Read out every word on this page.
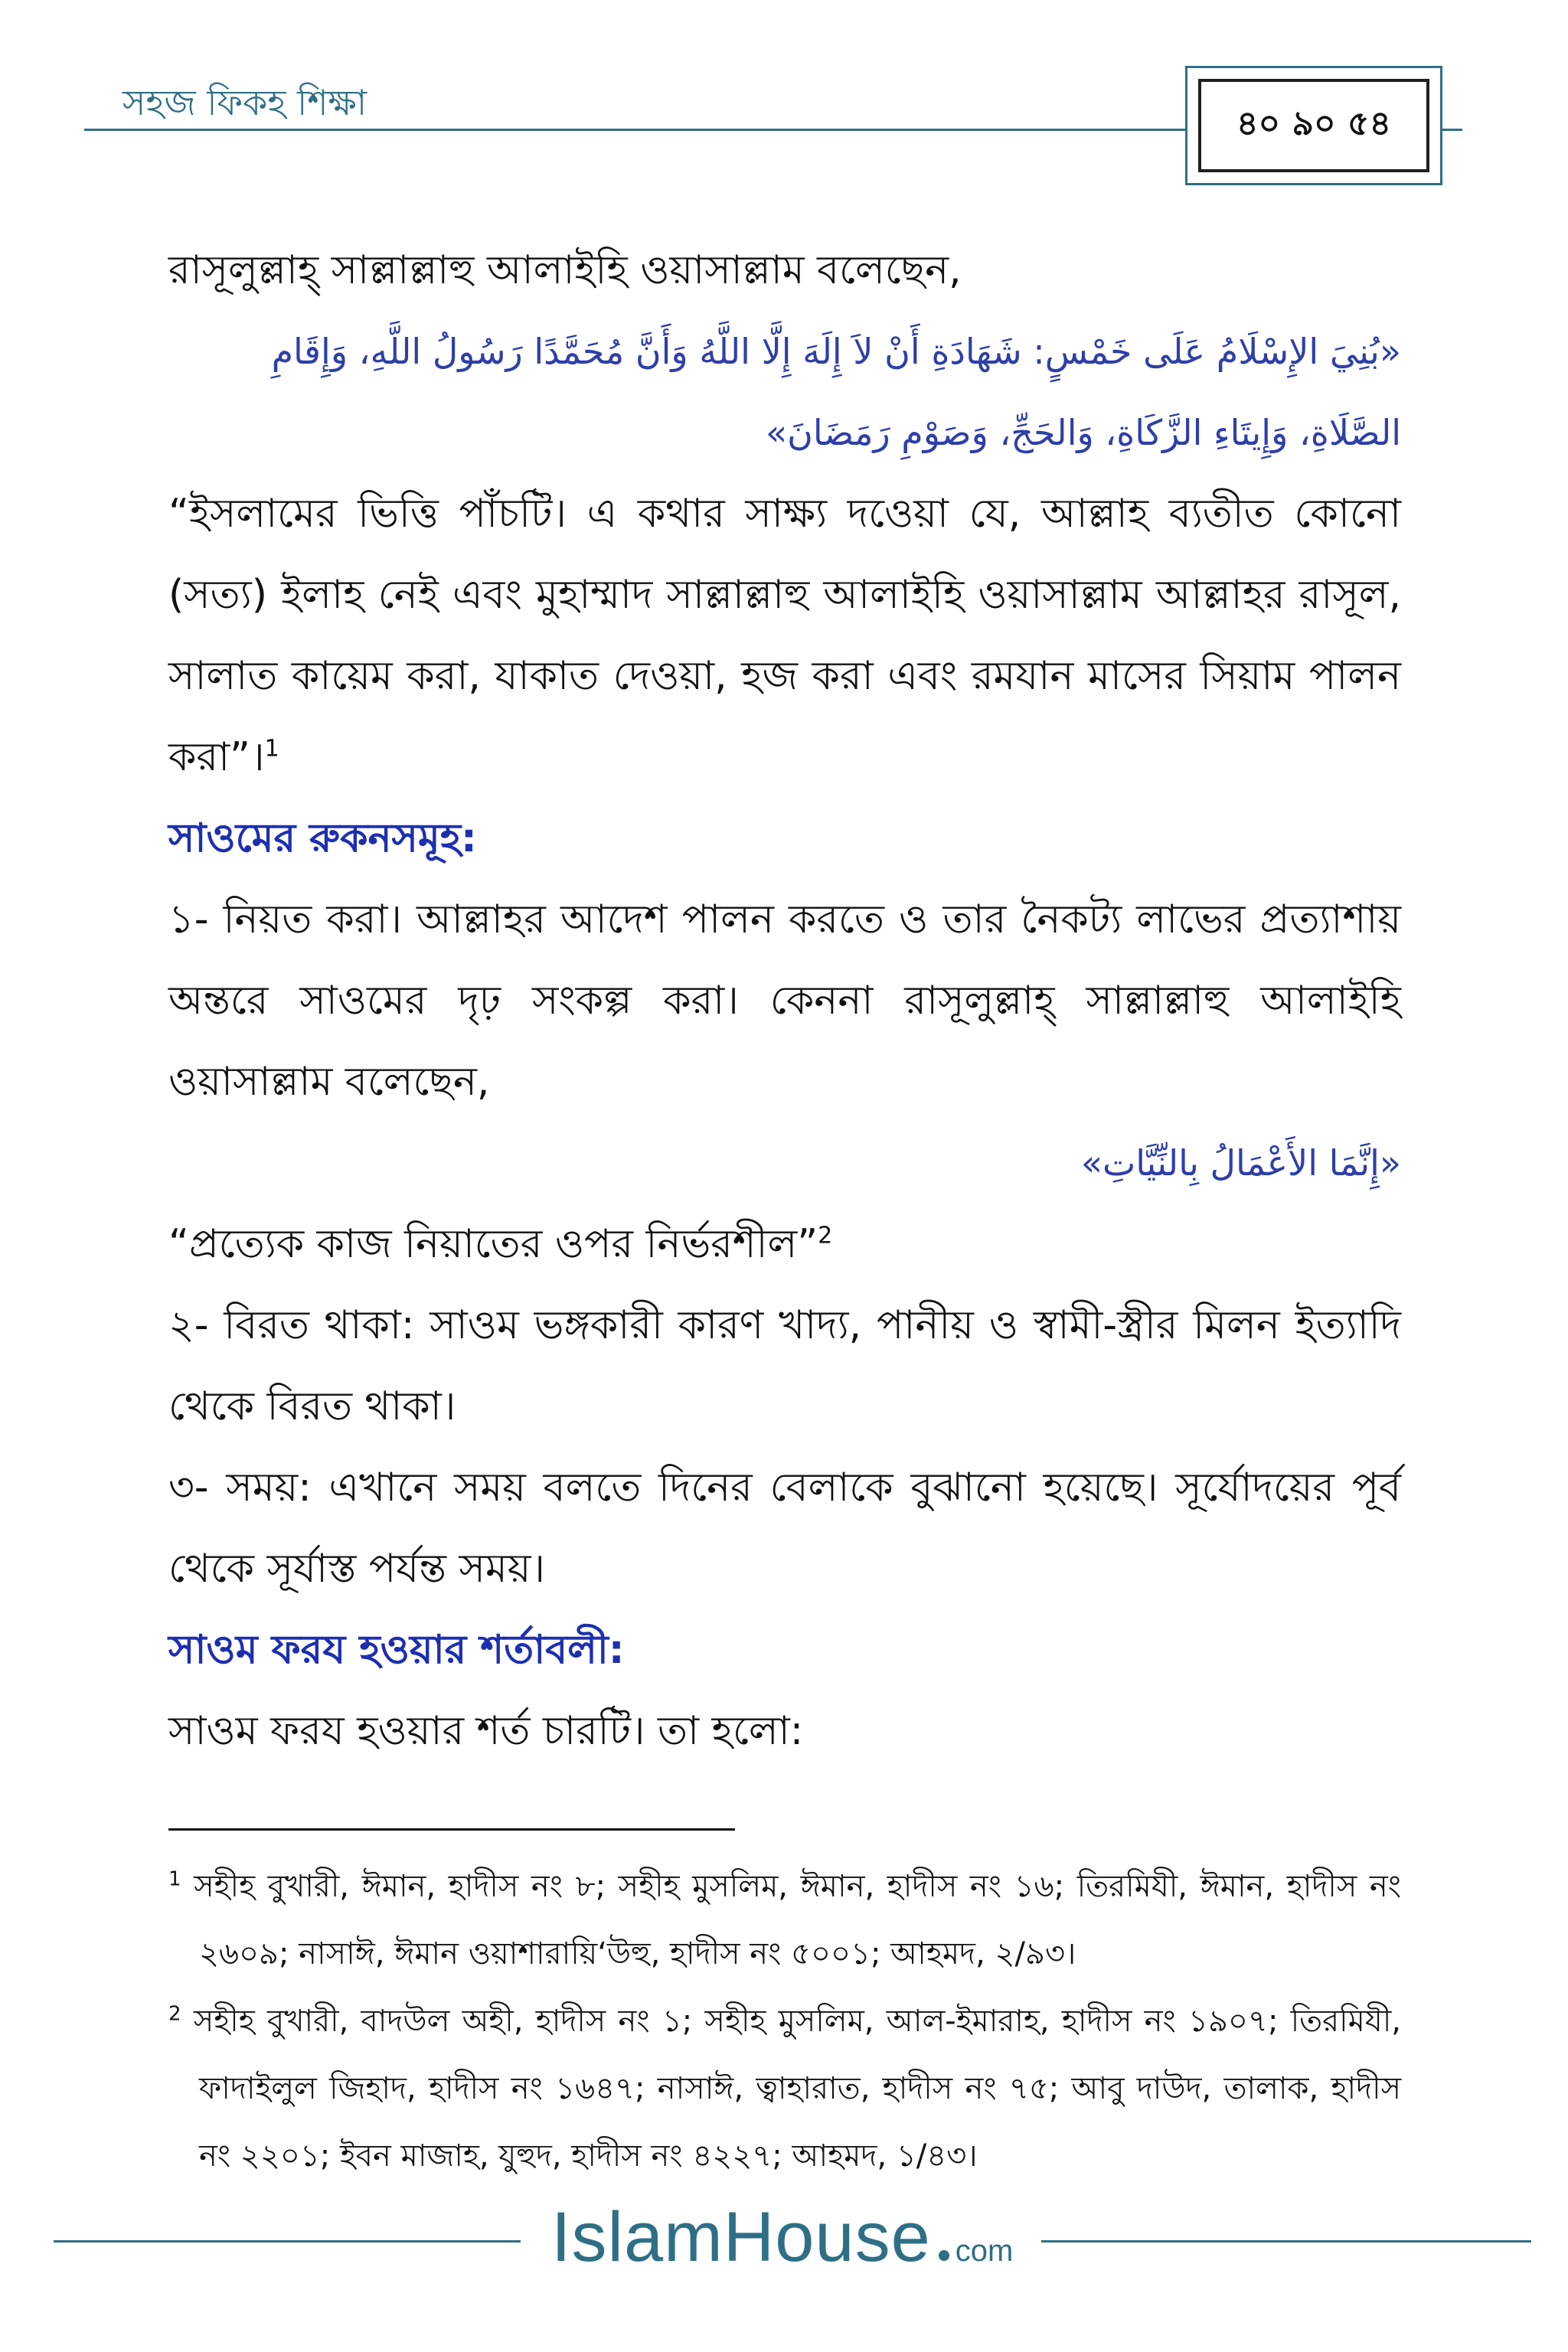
সহজ ফিকহ শিক্ষা	৪০ ৯০ ৫৪

রাসূলুল্লাহ্ সাল্লাল্লাহু আলাইহি ওয়াসাল্লাম বলেছেন,

«بُنِيَ الإِسْلَامُ عَلَى خَمْسٍ: شَهَادَةِ أَنْ لاَ إِلَهَ إِلَّا اللَّهُ وَأَنَّ مُحَمَّدًا رَسُولُ اللَّهِ، وَإِقَامِ الصَّلَاةِ، وَإِيتَاءِ الزَّكَاةِ، وَالحَجِّ، وَصَوْمِ رَمَضَانَ»

“ইসলামের ভিত্তি পাঁচটি। এ কথার সাক্ষ্য দওেয়া যে, আল্লাহ ব্যতীত কোনো (সত্য) ইলাহ নেই এবং মুহাম্মাদ সাল্লাল্লাহু আলাইহি ওয়াসাল্লাম আল্লাহর রাসূল, সালাত কায়েম করা, যাকাত দেওয়া, হজ করা এবং রমযান মাসের সিয়াম পালন করা”।$^1$

সাওমের রুকনসমূহ:

১- নিয়ত করা। আল্লাহর আদেশ পালন করতে ও তার নৈকট্য লাভের প্রত্যাশায় অন্তরে সাওমের দৃঢ় সংকল্প করা। কেননা রাসূলুল্লাহ্ সাল্লাল্লাহু আলাইহি ওয়াসাল্লাম বলেছেন,

«إِنَّمَا الأَعْمَالُ بِالنِّيَّاتِ»

“প্রত্যেক কাজ নিয়াতের ওপর নির্ভরশীল”$^2$

২- বিরত থাকা: সাওম ভঙ্গকারী কারণ খাদ্য, পানীয় ও স্বামী-স্ত্রীর মিলন ইত্যাদি থেকে বিরত থাকা।

৩- সময়: এখানে সময় বলতে দিনের বেলাকে বুঝানো হয়েছে। সূর্যোদয়ের পূর্ব থেকে সূর্যাস্ত পর্যন্ত সময়।

সাওম ফরয হওয়ার শর্তাবলী:

সাওম ফরয হওয়ার শর্ত চারটি। তা হলো:

$^1$ সহীহ বুখারী, ঈমান, হাদীস নং ৮; সহীহ মুসলিম, ঈমান, হাদীস নং ১৬; তিরমিযী, ঈমান, হাদীস নং ২৬০৯; নাসাঈ, ঈমান ওয়াশারায়ি‘উহু, হাদীস নং ৫০০১; আহমদ, ২/৯৩।

$^2$ সহীহ বুখারী, বাদউল অহী, হাদীস নং ১; সহীহ মুসলিম, আল-ইমারাহ, হাদীস নং ১৯০৭; তিরমিযী, ফাদাইলুল জিহাদ, হাদীস নং ১৬৪৭; নাসাঈ, ত্বাহারাত, হাদীস নং ৭৫; আবু দাউদ, তালাক, হাদীস নং ২২০১; ইবন মাজাহ, যুহুদ, হাদীস নং ৪২২৭; আহমদ, ১/৪৩।

IslamHouse com
